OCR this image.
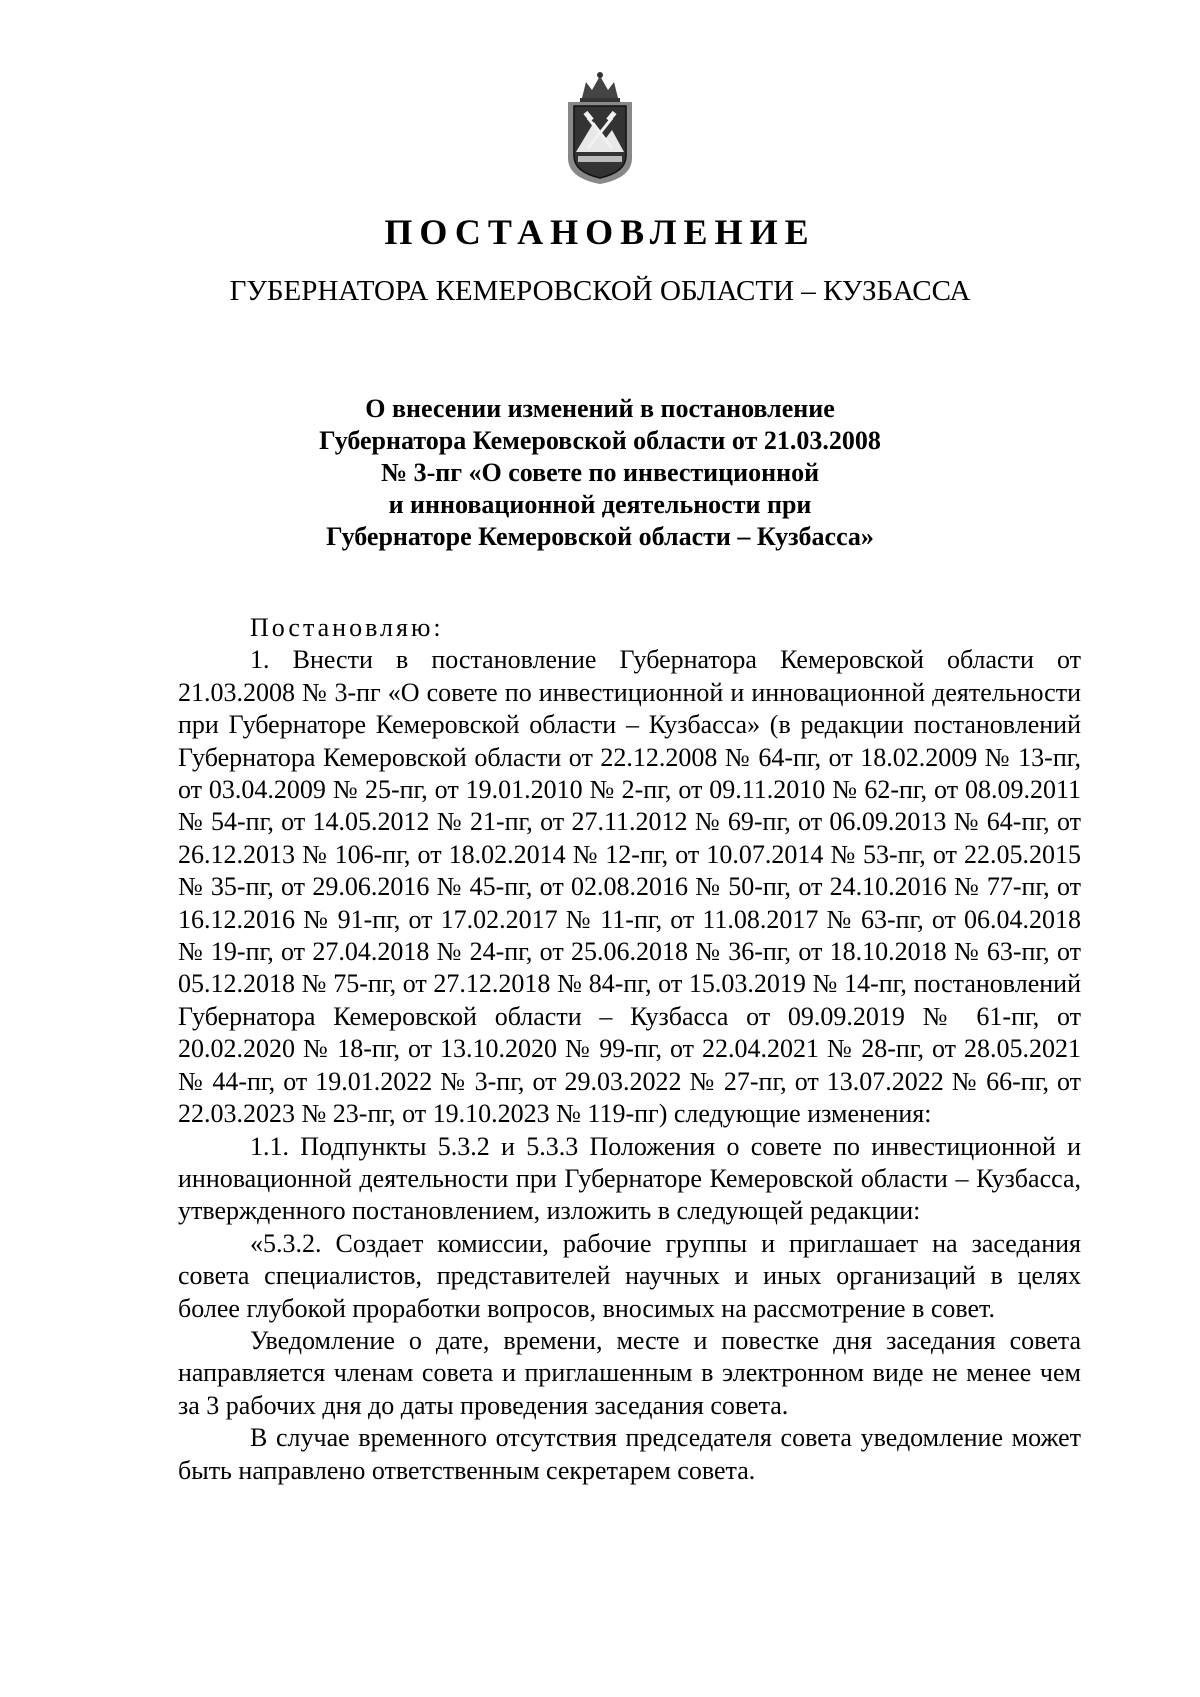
ПОСТАНОВЛЕНИЕ
ГУБЕРНАТОРА КЕМЕРОВСКОЙ ОБЛАСТИ – КУЗБАССА
О внесении изменений в постановление
Губернатора Кемеровской области от 21.03.2008
№ 3-пг «О совете по инвестиционной
и инновационной деятельности при
Губернаторе Кемеровской области – Кузбасса»

Постановляю:

1. Внести в постановление Губернатора Кемеровской области от 21.03.2008 № 3-пг «О совете по инвестиционной и инновационной деятельности при Губернаторе Кемеровской области – Кузбасса» (в редакции постановлений Губернатора Кемеровской области от 22.12.2008 № 64-пг, от 18.02.2009 № 13-пг, от 03.04.2009 № 25-пг, от 19.01.2010 № 2-пг, от 09.11.2010 № 62-пг, от 08.09.2011 № 54-пг, от 14.05.2012 № 21-пг, от 27.11.2012 № 69-пг, от 06.09.2013 № 64-пг, от 26.12.2013 № 106-пг, от 18.02.2014 № 12-пг, от 10.07.2014 № 53-пг, от 22.05.2015 № 35-пг, от 29.06.2016 № 45-пг, от 02.08.2016 № 50-пг, от 24.10.2016 № 77-пг, от 16.12.2016 № 91-пг, от 17.02.2017 № 11-пг, от 11.08.2017 № 63-пг, от 06.04.2018 № 19-пг, от 27.04.2018 № 24-пг, от 25.06.2018 № 36-пг, от 18.10.2018 № 63-пг, от 05.12.2018 № 75-пг, от 27.12.2018 № 84-пг, от 15.03.2019 № 14-пг, постановлений Губернатора Кемеровской области – Кузбасса от 09.09.2019 № 61-пг, от 20.02.2020 № 18-пг, от 13.10.2020 № 99-пг, от 22.04.2021 № 28-пг, от 28.05.2021 № 44-пг, от 19.01.2022 № 3-пг, от 29.03.2022 № 27-пг, от 13.07.2022 № 66-пг, от 22.03.2023 № 23-пг, от 19.10.2023 № 119-пг) следующие изменения:

1.1. Подпункты 5.3.2 и 5.3.3 Положения о совете по инвестиционной и инновационной деятельности при Губернаторе Кемеровской области – Кузбасса, утвержденного постановлением, изложить в следующей редакции:

«5.3.2. Создает комиссии, рабочие группы и приглашает на заседания совета специалистов, представителей научных и иных организаций в целях более глубокой проработки вопросов, вносимых на рассмотрение в совет.

Уведомление о дате, времени, месте и повестке дня заседания совета направляется членам совета и приглашенным в электронном виде не менее чем за 3 рабочих дня до даты проведения заседания совета.

В случае временного отсутствия председателя совета уведомление может быть направлено ответственным секретарем совета.
